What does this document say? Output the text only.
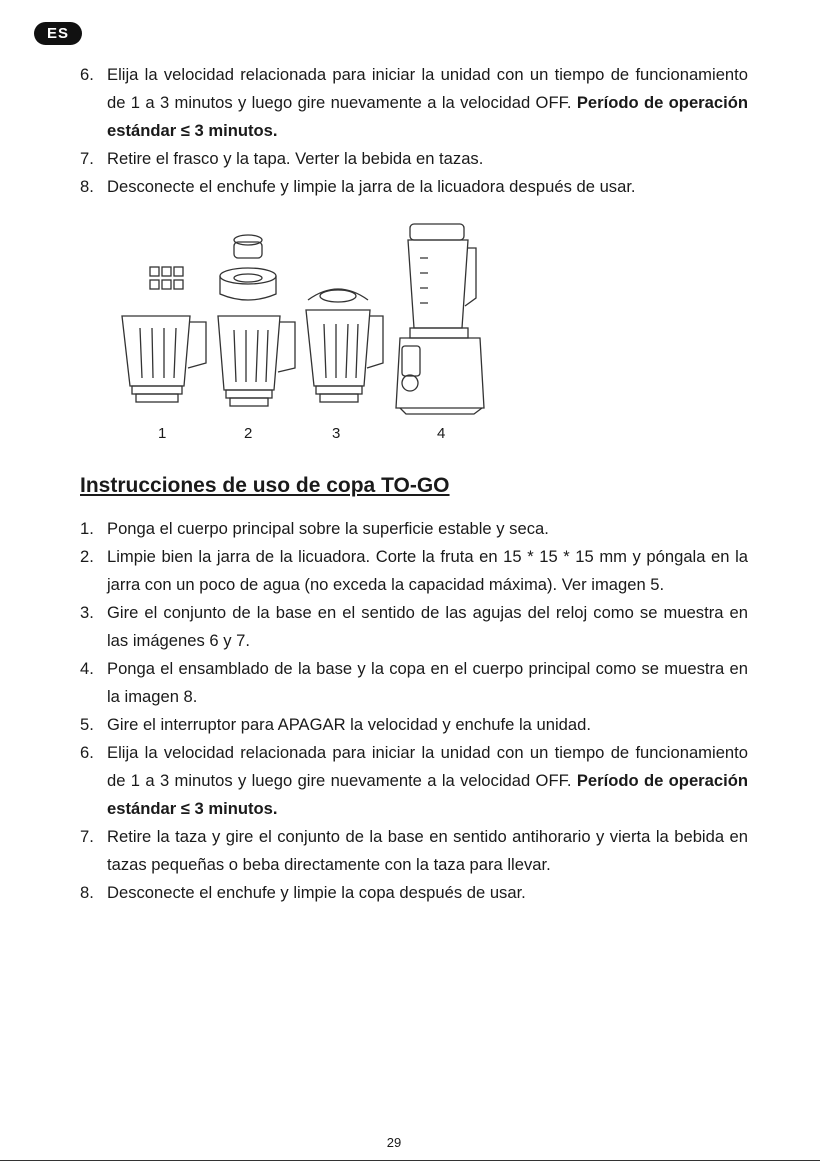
ES
6. Elija la velocidad relacionada para iniciar la unidad con un tiempo de funcionamiento de 1 a 3 minutos y luego gire nuevamente a la velocidad OFF. Período de operación estándar ≤ 3 minutos.
7. Retire el frasco y la tapa. Verter la bebida en tazas.
8. Desconecte el enchufe y limpie la jarra de la licuadora después de usar.
1	2	3	4
Instrucciones de uso de copa TO-GO
1. Ponga el cuerpo principal sobre la superficie estable y seca.
2. Limpie bien la jarra de la licuadora. Corte la fruta en 15 * 15 * 15 mm y póngala en la jarra con un poco de agua (no exceda la capacidad máxima). Ver imagen 5.
3. Gire el conjunto de la base en el sentido de las agujas del reloj como se muestra en las imágenes 6 y 7.
4. Ponga el ensamblado de la base y la copa en el cuerpo principal como se muestra en la imagen 8.
5. Gire el interruptor para APAGAR la velocidad y enchufe la unidad.
6. Elija la velocidad relacionada para iniciar la unidad con un tiempo de funcionamiento de 1 a 3 minutos y luego gire nuevamente a la velocidad OFF. Período de operación estándar ≤ 3 minutos.
7. Retire la taza y gire el conjunto de la base en sentido antihorario y vierta la bebida en tazas pequeñas o beba directamente con la taza para llevar.
8. Desconecte el enchufe y limpie la copa después de usar.
29
